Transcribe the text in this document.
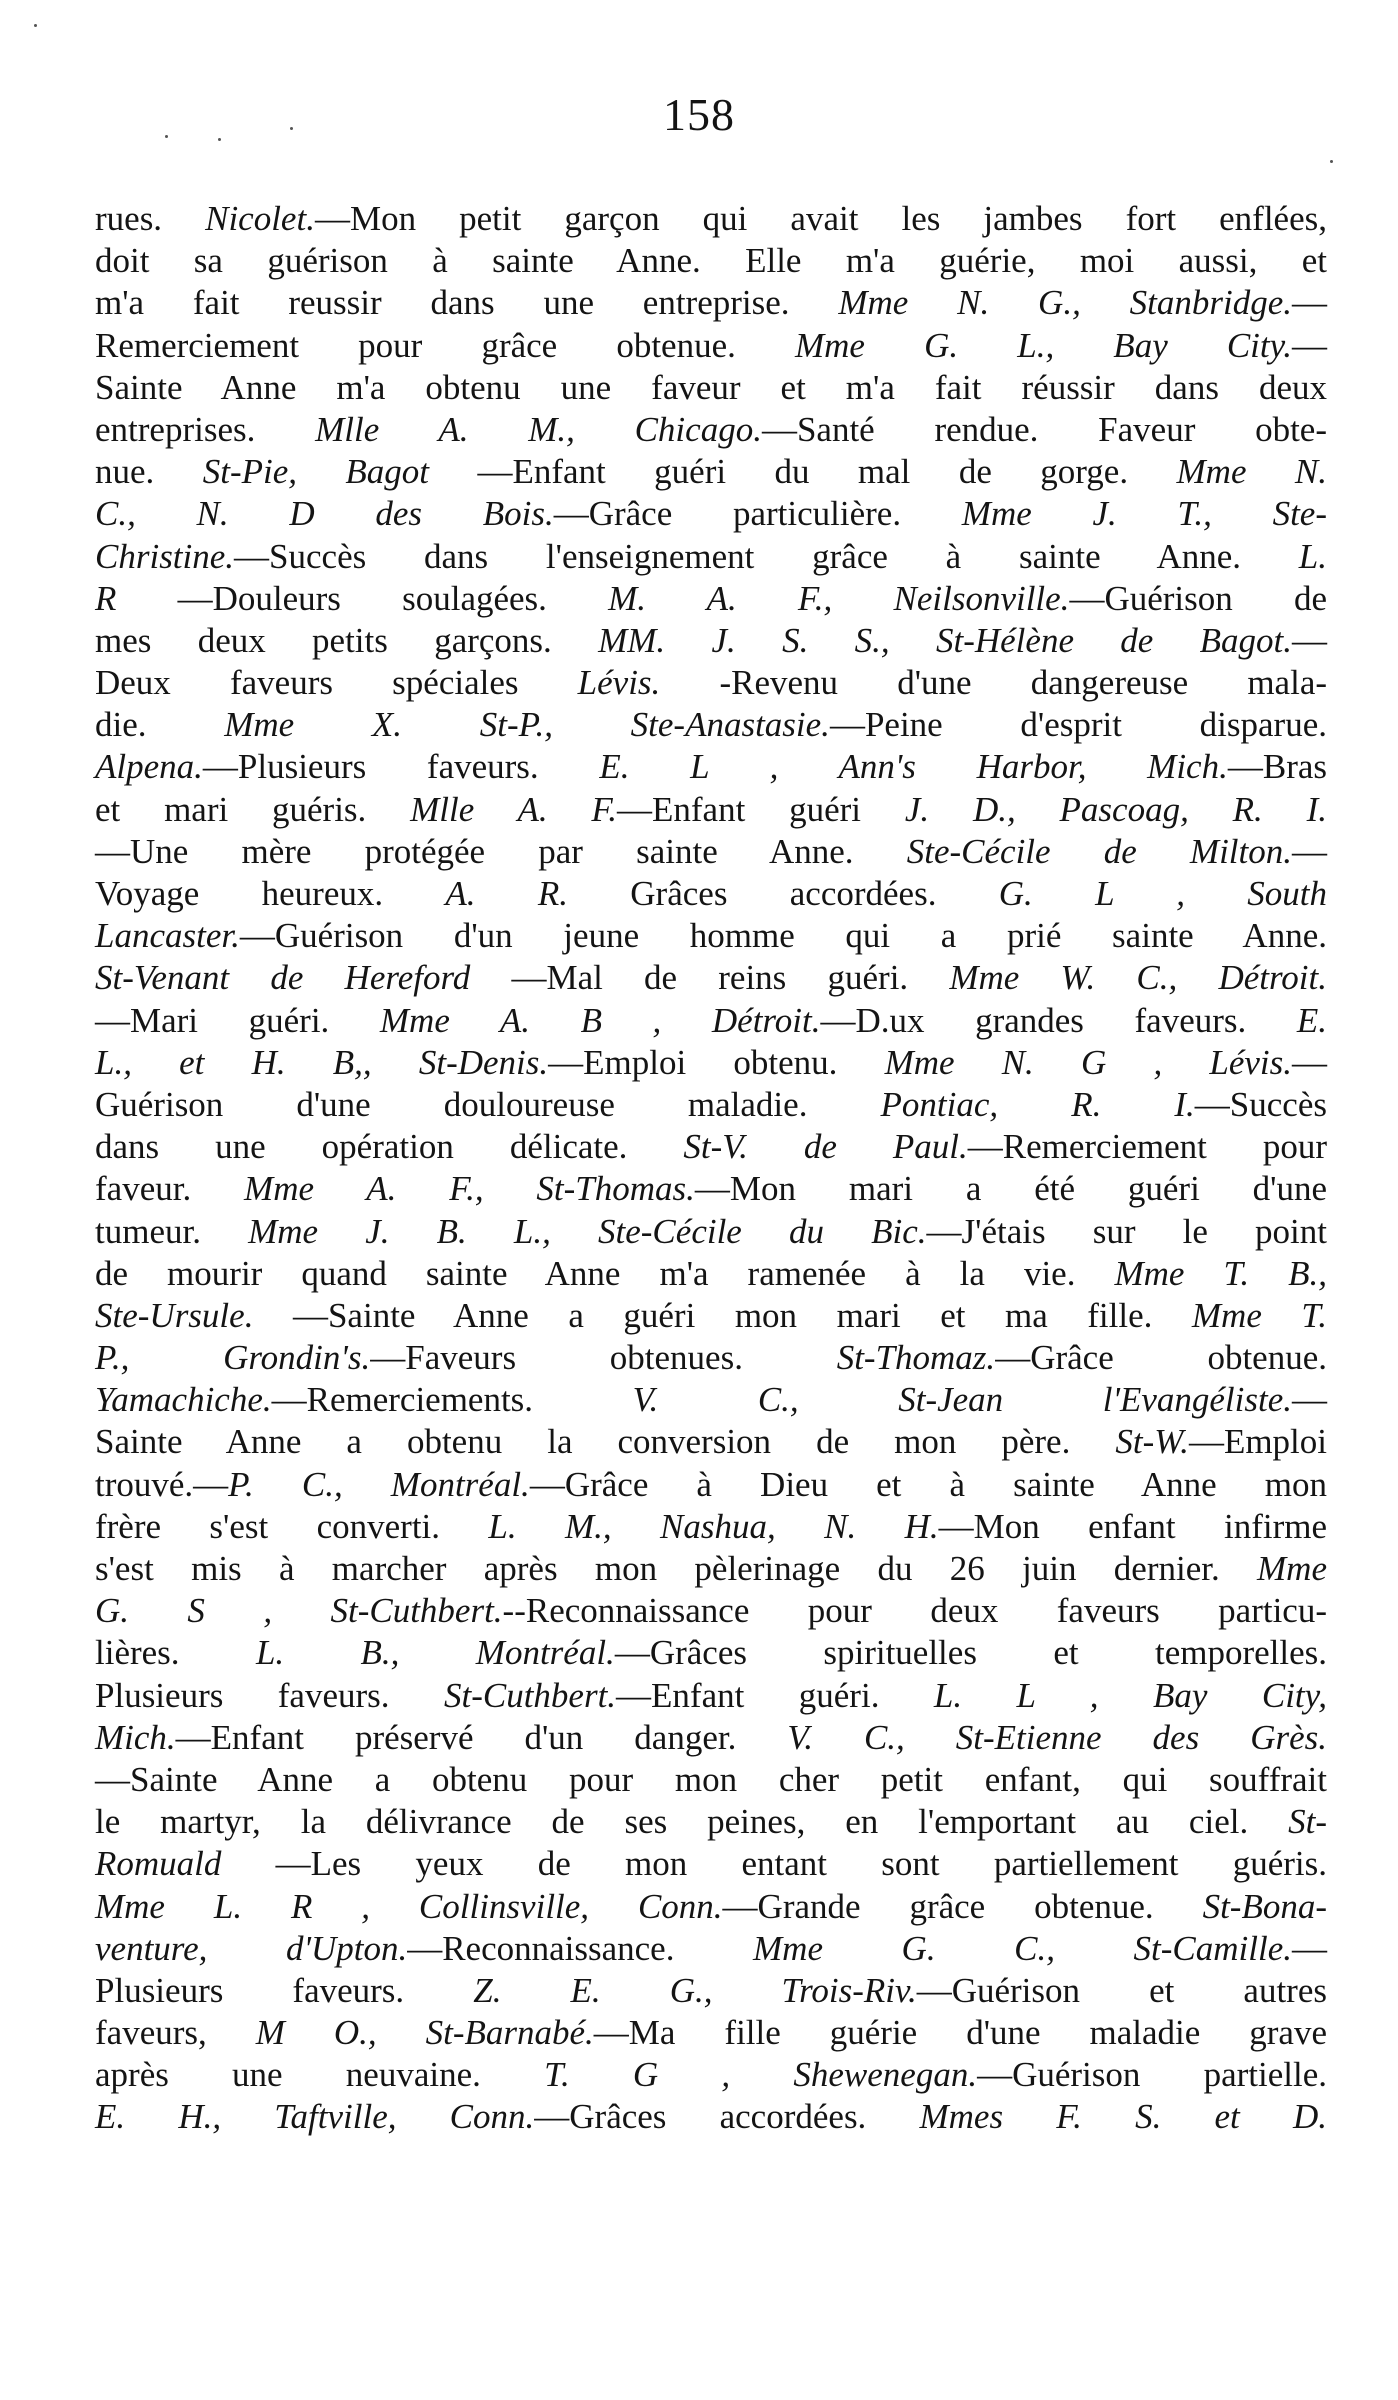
158
rues. Nicolet.—Mon petit garçon qui avait les jambes fort enflées,
doit sa guérison à sainte Anne. Elle m'a guérie, moi aussi, et
m'a fait reussir dans une entreprise. Mme N. G., Stanbridge.—
Remerciement pour grâce obtenue. Mme G. L., Bay City.—
Sainte Anne m'a obtenu une faveur et m'a fait réussir dans deux
entreprises. Mlle A. M., Chicago.—Santé rendue. Faveur obte-
nue. St-Pie, Bagot —Enfant guéri du mal de gorge. Mme N.
C., N. D des Bois.—Grâce particulière. Mme J. T., Ste-
Christine.—Succès dans l'enseignement grâce à sainte Anne. L.
R —Douleurs soulagées. M. A. F., Neilsonville.—Guérison de
mes deux petits garçons. MM. J. S. S., St-Hélène de Bagot.—
Deux faveurs spéciales Lévis. -Revenu d'une dangereuse mala-
die. Mme X. St-P., Ste-Anastasie.—Peine d'esprit disparue.
Alpena.—Plusieurs faveurs. E. L , Ann's Harbor, Mich.—Bras
et mari guéris. Mlle A. F.—Enfant guéri J. D., Pascoag, R. I.
—Une mère protégée par sainte Anne. Ste-Cécile de Milton.—
Voyage heureux. A. R. Grâces accordées. G. L , South
Lancaster.—Guérison d'un jeune homme qui a prié sainte Anne.
St-Venant de Hereford —Mal de reins guéri. Mme W. C., Détroit.
—Mari guéri. Mme A. B , Détroit.—D.ux grandes faveurs. E.
L., et H. B,, St-Denis.—Emploi obtenu. Mme N. G , Lévis.—
Guérison d'une douloureuse maladie. Pontiac, R. I.—Succès
dans une opération délicate. St-V. de Paul.—Remerciement pour
faveur. Mme A. F., St-Thomas.—Mon mari a été guéri d'une
tumeur. Mme J. B. L., Ste-Cécile du Bic.—J'étais sur le point
de mourir quand sainte Anne m'a ramenée à la vie. Mme T. B.,
Ste-Ursule. —Sainte Anne a guéri mon mari et ma fille. Mme T.
P., Grondin's.—Faveurs obtenues. St-Thomaz.—Grâce obtenue.
Yamachiche.—Remerciements. V. C., St-Jean l'Evangéliste.—
Sainte Anne a obtenu la conversion de mon père. St-W.—Emploi
trouvé.—P. C., Montréal.—Grâce à Dieu et à sainte Anne mon
frère s'est converti. L. M., Nashua, N. H.—Mon enfant infirme
s'est mis à marcher après mon pèlerinage du 26 juin dernier. Mme
G. S , St-Cuthbert.--Reconnaissance pour deux faveurs particu-
lières. L. B., Montréal.—Grâces spirituelles et temporelles.
Plusieurs faveurs. St-Cuthbert.—Enfant guéri. L. L , Bay City,
Mich.—Enfant préservé d'un danger. V. C., St-Etienne des Grès.
—Sainte Anne a obtenu pour mon cher petit enfant, qui souffrait
le martyr, la délivrance de ses peines, en l'emportant au ciel. St-
Romuald —Les yeux de mon entant sont partiellement guéris.
Mme L. R , Collinsville, Conn.—Grande grâce obtenue. St-Bona-
venture, d'Upton.—Reconnaissance. Mme G. C., St-Camille.—
Plusieurs faveurs. Z. E. G., Trois-Riv.—Guérison et autres
faveurs, M O., St-Barnabé.—Ma fille guérie d'une maladie grave
après une neuvaine. T. G , Shewenegan.—Guérison partielle.
E. H., Taftville, Conn.—Grâces accordées. Mmes F. S. et D.
